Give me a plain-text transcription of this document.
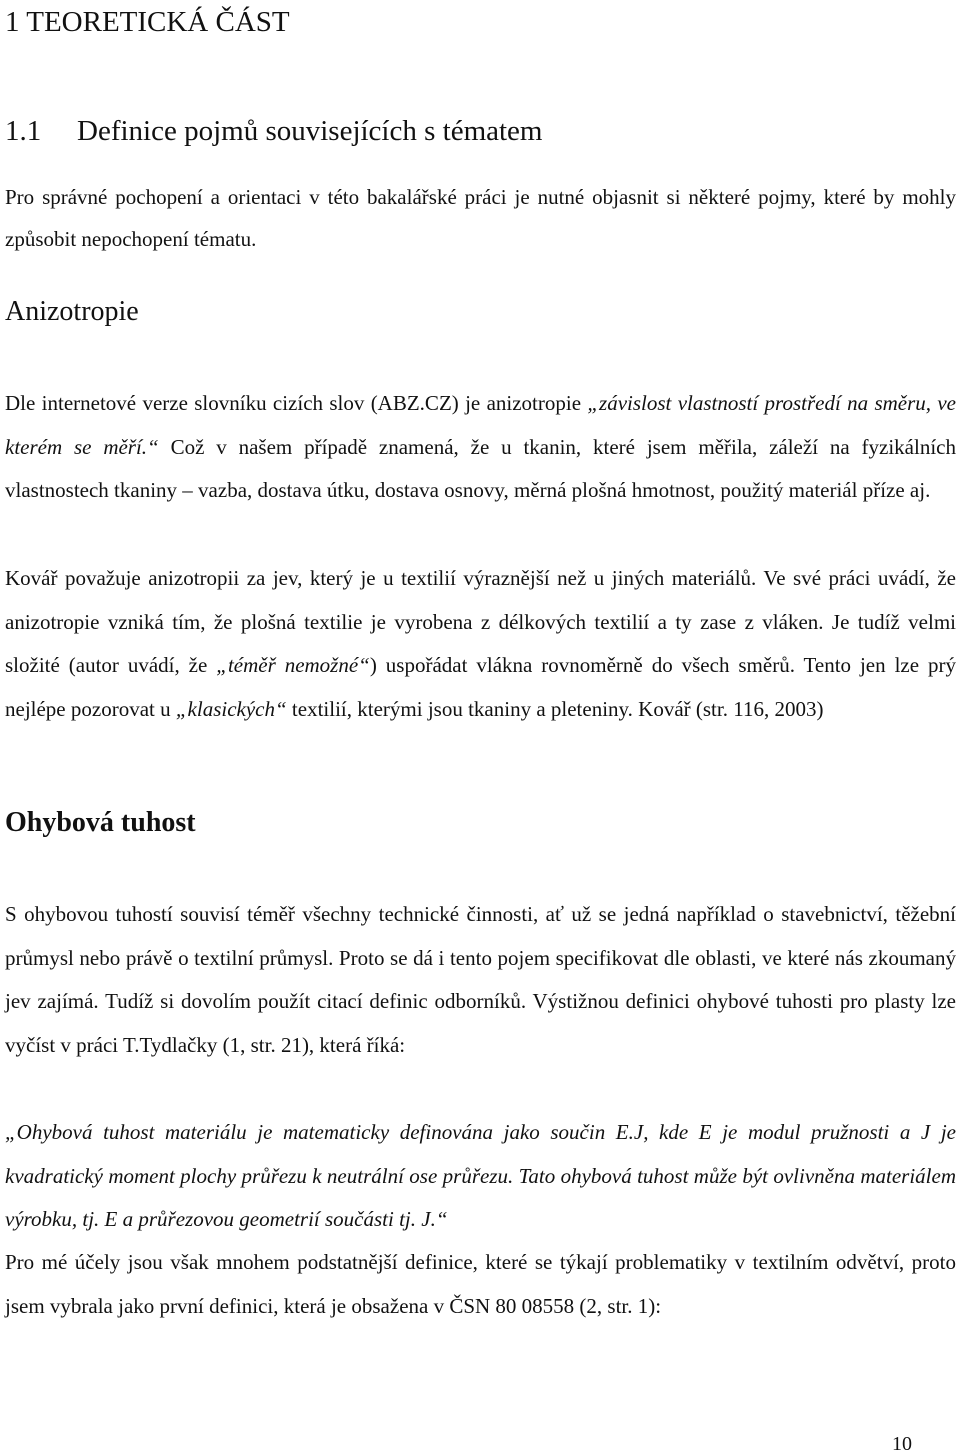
1 TEORETICKÁ ČÁST
1.1 Definice pojmů souvisejících s tématem

Pro správné pochopení a orientaci v této bakalářské práci je nutné objasnit si některé pojmy, které by mohly způsobit nepochopení tématu.

Anizotropie

Dle internetové verze slovníku cizích slov (ABZ.CZ) je anizotropie „závislost vlastností prostředí na směru, ve kterém se měří.“ Což v našem případě znamená, že u tkanin, které jsem měřila, záleží na fyzikálních vlastnostech tkaniny – vazba, dostava útku, dostava osnovy, měrná plošná hmotnost, použitý materiál příze aj.

Kovář považuje anizotropii za jev, který je u textilií výraznější než u jiných materiálů. Ve své práci uvádí, že anizotropie vzniká tím, že plošná textilie je vyrobena z délkových textilií a ty zase z vláken. Je tudíž velmi složité (autor uvádí, že „téměř nemožné“) uspořádat vlákna rovnoměrně do všech směrů. Tento jen lze prý nejlépe pozorovat u „klasických“ textilií, kterými jsou tkaniny a pleteniny. Kovář (str. 116, 2003)

Ohybová tuhost

S ohybovou tuhostí souvisí téměř všechny technické činnosti, ať už se jedná například o stavebnictví, těžební průmysl nebo právě o textilní průmysl. Proto se dá i tento pojem specifikovat dle oblasti, ve které nás zkoumaný jev zajímá. Tudíž si dovolím použít citací definic odborníků. Výstižnou definici ohybové tuhosti pro plasty lze vyčíst v práci T.Tydlačky (1, str. 21), která říká:

„Ohybová tuhost materiálu je matematicky definována jako součin E.J, kde E je modul pružnosti a J je kvadratický moment plochy průřezu k neutrální ose průřezu. Tato ohybová tuhost může být ovlivněna materiálem výrobku, tj. E a průřezovou geometrií součásti tj. J.“

Pro mé účely jsou však mnohem podstatnější definice, které se týkají problematiky v textilním odvětví, proto jsem vybrala jako první definici, která je obsažena v ČSN 80 08558 (2, str. 1):

10
